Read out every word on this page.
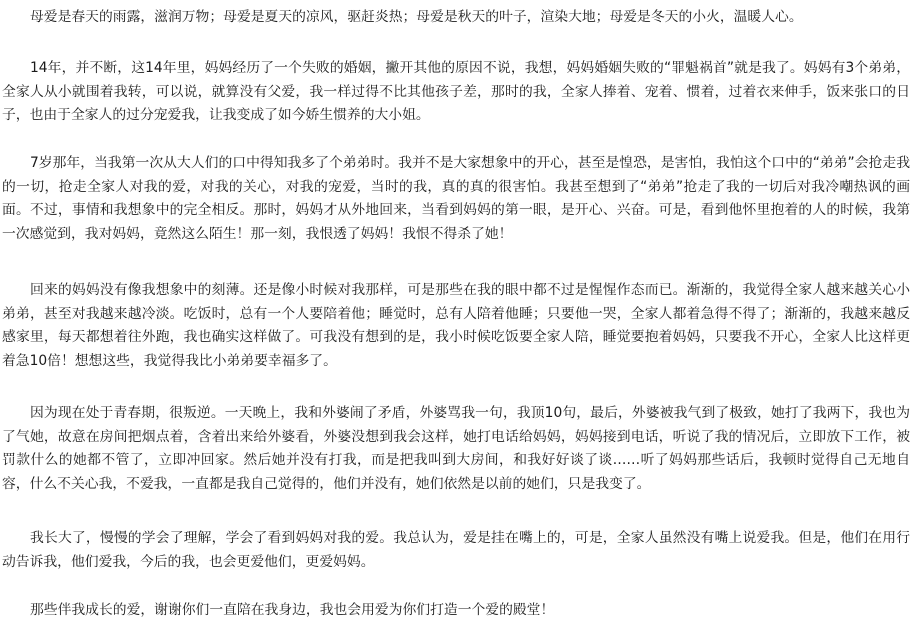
母爱是春天的雨露，滋润万物；母爱是夏天的凉风，驱赶炎热；母爱是秋天的叶子，渲染大地；母爱是冬天的小火，温暖人心。

14年，并不断，这14年里，妈妈经历了一个失败的婚姻，撇开其他的原因不说，我想，妈妈婚姻失败的“罪魁祸首”就是我了。妈妈有3个弟弟，全家人从小就围着我转，可以说，就算没有父爱，我一样过得不比其他孩子差，那时的我，全家人捧着、宠着、惯着，过着衣来伸手，饭来张口的日子，也由于全家人的过分宠爱我，让我变成了如今娇生惯养的大小姐。

7岁那年，当我第一次从大人们的口中得知我多了个弟弟时。我并不是大家想象中的开心，甚至是惶恐，是害怕，我怕这个口中的“弟弟”会抢走我的一切，抢走全家人对我的爱，对我的关心，对我的宠爱，当时的我，真的真的很害怕。我甚至想到了“弟弟”抢走了我的一切后对我冷嘲热讽的画面。不过，事情和我想象中的完全相反。那时，妈妈才从外地回来，当看到妈妈的第一眼，是开心、兴奋。可是，看到他怀里抱着的人的时候，我第一次感觉到，我对妈妈，竟然这么陌生！那一刻，我恨透了妈妈！我恨不得杀了她！

回来的妈妈没有像我想象中的刻薄。还是像小时候对我那样，可是那些在我的眼中都不过是惺惺作态而已。渐渐的，我觉得全家人越来越关心小弟弟，甚至对我越来越冷淡。吃饭时，总有一个人要陪着他；睡觉时，总有人陪着他睡；只要他一哭，全家人都着急得不得了；渐渐的，我越来越反感家里，每天都想着往外跑，我也确实这样做了。可我没有想到的是，我小时候吃饭要全家人陪，睡觉要抱着妈妈，只要我不开心，全家人比这样更着急10倍！想想这些，我觉得我比小弟弟要幸福多了。

因为现在处于青春期，很叛逆。一天晚上，我和外婆闹了矛盾，外婆骂我一句，我顶10句，最后，外婆被我气到了极致，她打了我两下，我也为了气她，故意在房间把烟点着，含着出来给外婆看，外婆没想到我会这样，她打电话给妈妈，妈妈接到电话，听说了我的情况后，立即放下工作，被罚款什么的她都不管了，立即冲回家。然后她并没有打我，而是把我叫到大房间，和我好好谈了谈……听了妈妈那些话后，我顿时觉得自己无地自容，什么不关心我，不爱我，一直都是我自己觉得的，他们并没有，她们依然是以前的她们，只是我变了。

我长大了，慢慢的学会了理解，学会了看到妈妈对我的爱。我总认为，爱是挂在嘴上的，可是，全家人虽然没有嘴上说爱我。但是，他们在用行动告诉我，他们爱我，今后的我，也会更爱他们，更爱妈妈。

那些伴我成长的爱，谢谢你们一直陪在我身边，我也会用爱为你们打造一个爱的殿堂！
